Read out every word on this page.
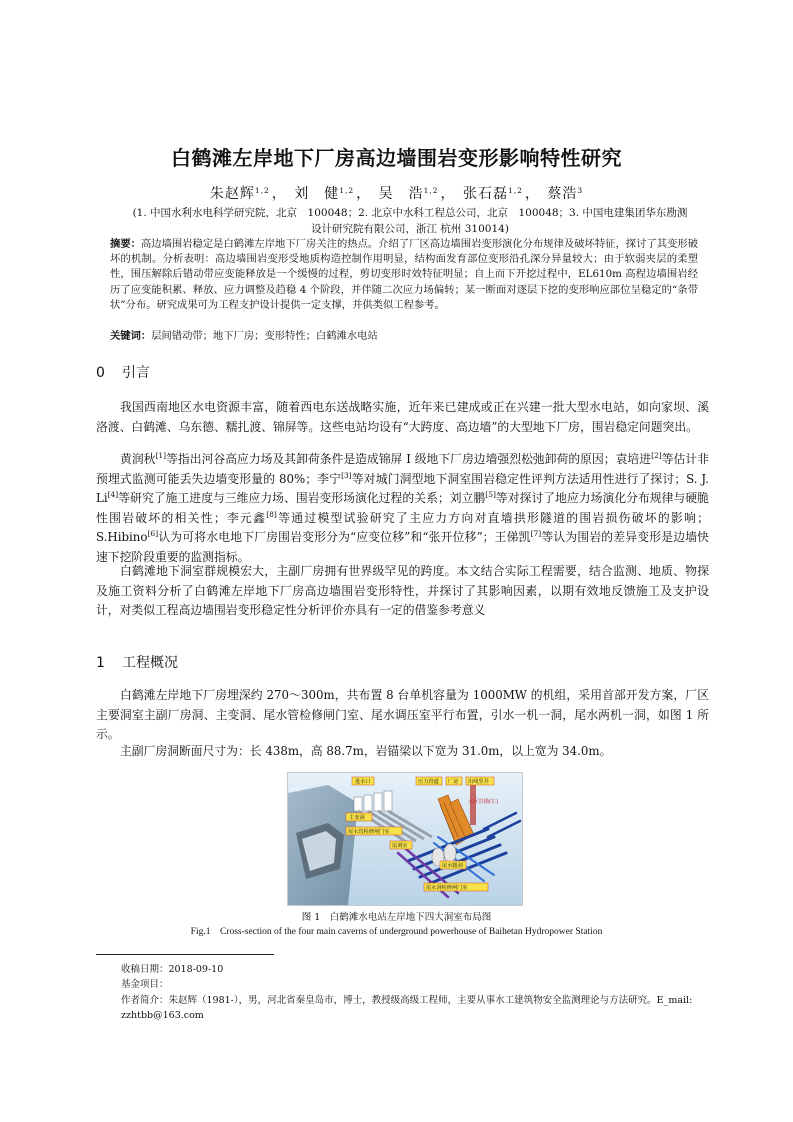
白鹤滩左岸地下厂房高边墙围岩变形影响特性研究
朱赵辉$^{1,2}$ ， 刘　健$^{1,2}$ ， 吴　浩$^{1,2}$ ， 张石磊$^{1,2}$ ， 蔡浩$^3$
(1. 中国水利水电科学研究院，北京　100048；2. 北京中水科工程总公司，北京　100048；3. 中国电建集团华东勘测
设计研究院有限公司，浙江 杭州 310014)
摘要：高边墙围岩稳定是白鹤滩左岸地下厂房关注的热点。介绍了厂区高边墙围岩变形演化分布规律及破坏特征，探讨了其变形破坏的机制。分析表明：高边墙围岩变形受地质构造控制作用明显，结构面发育部位变形沿孔深分异量较大；由于软弱夹层的柔塑性，围压解除后错动带应变能释放是一个缓慢的过程，剪切变形时效特征明显；自上而下开挖过程中，EL610m 高程边墙围岩经历了应变能积累、释放、应力调整及趋稳 4 个阶段，并伴随二次应力场偏转；某一断面对逐层下挖的变形响应部位呈稳定的“条带状”分布。研究成果可为工程支护设计提供一定支撑，并供类似工程参考。
关键词：层间错动带；地下厂房；变形特性；白鹤滩水电站
0 引言
我国西南地区水电资源丰富，随着西电东送战略实施，近年来已建成或正在兴建一批大型水电站，如向家坝、溪洛渡、白鹤滩、乌东德、糯扎渡、锦屏等。这些电站均设有“大跨度、高边墙”的大型地下厂房，围岩稳定问题突出。
黄润秋[1]等指出河谷高应力场及其卸荷条件是造成锦屏 I 级地下厂房边墙强烈松弛卸荷的原因；袁培进[2]等估计非预埋式监测可能丢失边墙变形量的 80%；李宁[3]等对城门洞型地下洞室围岩稳定性评判方法适用性进行了探讨；S. J. Li[4]等研究了施工进度与三维应力场、围岩变形场演化过程的关系；刘立鹏[5]等对探讨了地应力场演化分布规律与硬脆性围岩破坏的相关性；李元鑫[8]等通过模型试验研究了主应力方向对直墙拱形隧道的围岩损伤破坏的影响；S.Hibino[6]认为可将水电地下厂房围岩变形分为“应变位移”和“张开位移”；王俤凯[7]等认为围岩的差异变形是边墙快速下挖阶段重要的监测指标。
白鹤滩地下洞室群规模宏大，主副厂房拥有世界级罕见的跨度。本文结合实际工程需要，结合监测、地质、物探及施工资料分析了白鹤滩左岸地下厂房高边墙围岩变形特性，并探讨了其影响因素，以期有效地反馈施工及支护设计，对类似工程高边墙围岩变形稳定性分析评价亦具有一定的借鉴参考意义
1 工程概况
白鹤滩左岸地下厂房埋深约 270～300m，共布置 8 台单机容量为 1000MW 的机组，采用首部开发方案，厂区主要洞室主副厂房洞、主变洞、尾水管检修闸门室、尾水调压室平行布置，引水一机一洞，尾水两机一洞，如图 1 所示。
主副厂房洞断面尺寸为：长 438m，高 88.7m，岩锚梁以下宽为 31.0m，以上宽为 34.0m。
进水口	压力管道 厂房 出线竖井
大坝
大厅岩锚(左)
主变洞
尾水管检修闸门室
尾调室
尾水隧洞
尾水洞检修闸门室
图 1　白鹤滩水电站左岸地下四大洞室布局图
Fig.1　Cross-section of the four main caverns of underground powerhouse of Baihetan Hydropower Station
收稿日期：2018-09-10
基金项目：
作者简介：朱赵辉（1981-），男，河北省秦皇岛市，博士，教授级高级工程师，主要从事水工建筑物安全监测理论与方法研究。E_mail: zzhtbb@163.com
